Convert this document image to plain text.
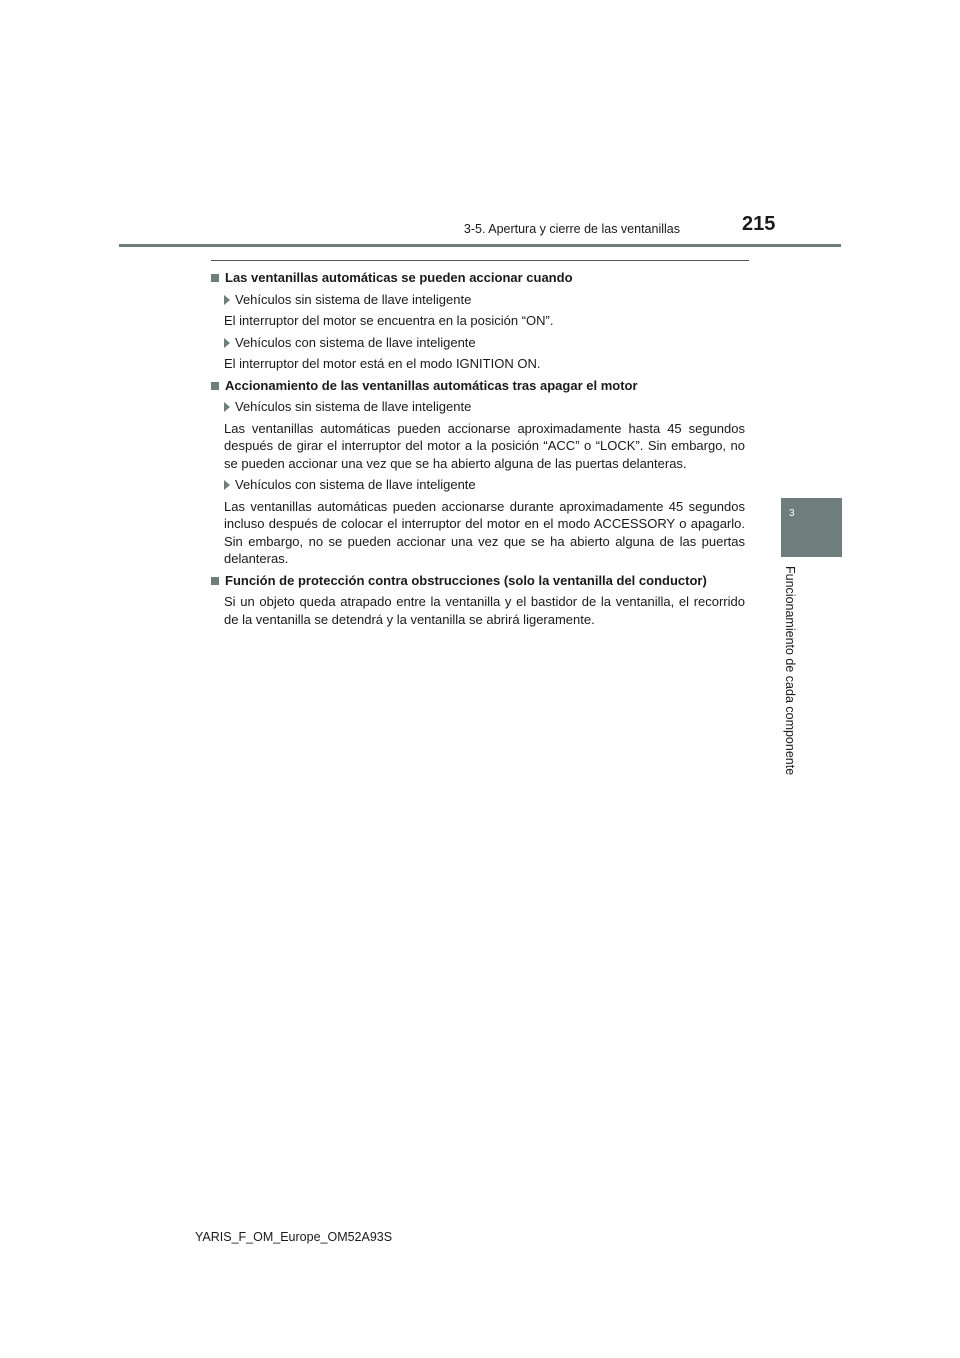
3-5. Apertura y cierre de las ventanillas	215
3
Funcionamiento de cada componente
Las ventanillas automáticas se pueden accionar cuando
Vehículos sin sistema de llave inteligente

El interruptor del motor se encuentra en la posición “ON”.

Vehículos con sistema de llave inteligente

El interruptor del motor está en el modo IGNITION ON.

Accionamiento de las ventanillas automáticas tras apagar el motor
Vehículos sin sistema de llave inteligente

Las ventanillas automáticas pueden accionarse aproximadamente hasta 45 segundos después de girar el interruptor del motor a la posición “ACC” o “LOCK”. Sin embargo, no se pueden accionar una vez que se ha abierto alguna de las puertas delanteras.

Vehículos con sistema de llave inteligente

Las ventanillas automáticas pueden accionarse durante aproximadamente 45 segundos incluso después de colocar el interruptor del motor en el modo ACCESSORY o apagarlo. Sin embargo, no se pueden accionar una vez que se ha abierto alguna de las puertas delanteras.

Función de protección contra obstrucciones (solo la ventanilla del conductor)

Si un objeto queda atrapado entre la ventanilla y el bastidor de la ventanilla, el recorrido de la ventanilla se detendrá y la ventanilla se abrirá ligeramente.

YARIS_F_OM_Europe_OM52A93S
